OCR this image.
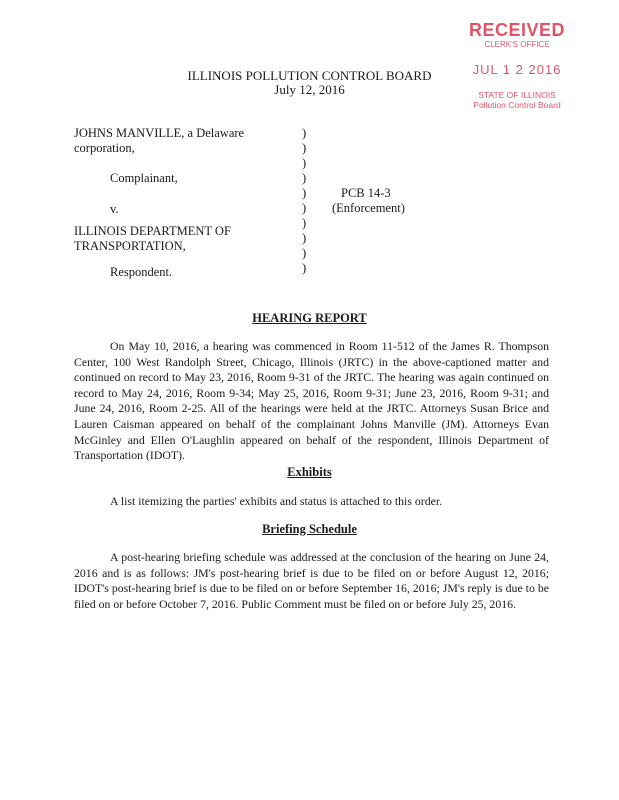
RECEIVED
CLERK'S OFFICE
JUL 1 2 2016
STATE OF ILLINOIS
Pollution Control Board
ILLINOIS POLLUTION CONTROL BOARD
July 12, 2016
JOHNS MANVILLE, a Delaware
corporation,
Complainant,
v.
ILLINOIS DEPARTMENT OF
TRANSPORTATION,
Respondent.
)
)
)
)
)
)
)
)
)
)
PCB 14-3
(Enforcement)
HEARING REPORT
On May 10, 2016, a hearing was commenced in Room 11-512 of the James R. Thompson Center, 100 West Randolph Street, Chicago, Illinois (JRTC) in the above-captioned matter and continued on record to May 23, 2016, Room 9-31 of the JRTC. The hearing was again continued on record to May 24, 2016, Room 9-34; May 25, 2016, Room 9-31; June 23, 2016, Room 9-31; and June 24, 2016, Room 2-25. All of the hearings were held at the JRTC. Attorneys Susan Brice and Lauren Caisman appeared on behalf of the complainant Johns Manville (JM). Attorneys Evan McGinley and Ellen O'Laughlin appeared on behalf of the respondent, Illinois Department of Transportation (IDOT).
Exhibits
A list itemizing the parties' exhibits and status is attached to this order.
Briefing Schedule
A post-hearing briefing schedule was addressed at the conclusion of the hearing on June 24, 2016 and is as follows: JM's post-hearing brief is due to be filed on or before August 12, 2016; IDOT's post-hearing brief is due to be filed on or before September 16, 2016; JM's reply is due to be filed on or before October 7, 2016. Public Comment must be filed on or before July 25, 2016.
